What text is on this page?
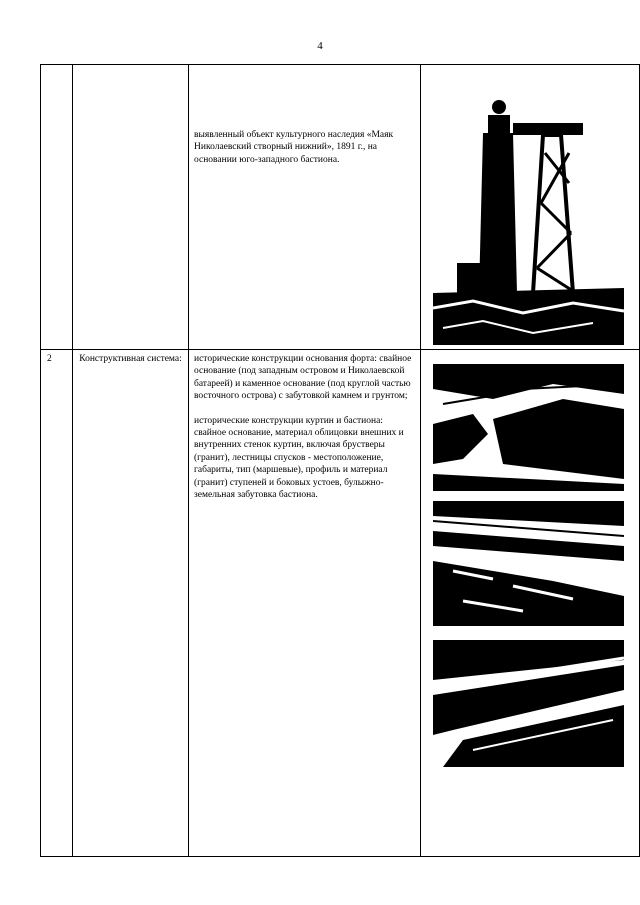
4

		выявленный объект культурного наследия «Маяк Николаевский створный нижний», 1891 г., на основании юго-западного бастиона.

2	Конструктивная система:	исторические конструкции основания форта: свайное основание (под западным островом и Николаевской батареей) и каменное основание (под круглой частью восточного острова) с забутовкой камнем и грунтом;

исторические конструкции куртин и бастиона: свайное основание, материал облицовки внешних и внутренних стенок куртин, включая брустверы (гранит), лестницы спусков - местоположение, габариты, тип (маршевые), профиль и материал (гранит) ступеней и боковых устоев, булыжно-земельная забутовка бастиона.
